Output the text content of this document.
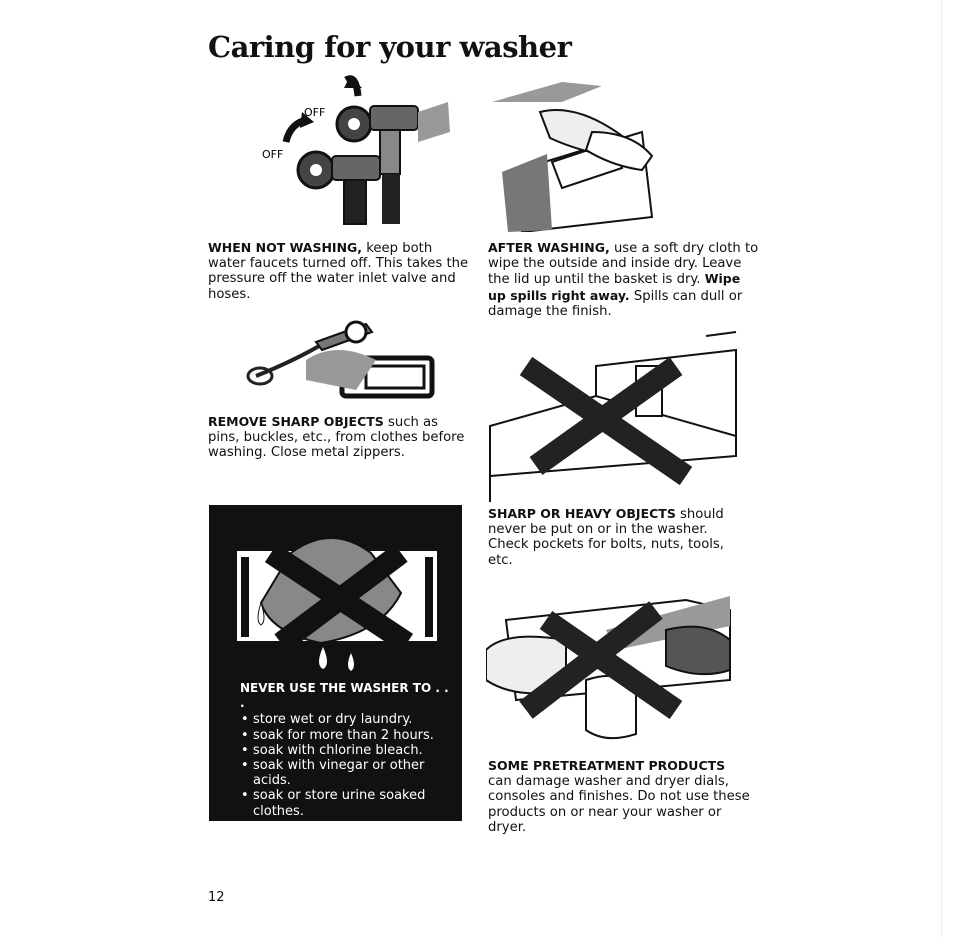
Caring for your washer
OFF
OFF
WHEN NOT WASHING, keep both water faucets turned off. This takes the pressure off the water inlet valve and hoses.
AFTER WASHING, use a soft dry cloth to wipe the outside and inside dry. Leave the lid up until the basket is dry. Wipe up spills right away. Spills can dull or damage the finish.
REMOVE SHARP OBJECTS such as pins, buckles, etc., from clothes before washing. Close metal zippers.
SHARP OR HEAVY OBJECTS should never be put on or in the washer. Check pockets for bolts, nuts, tools, etc.
NEVER USE THE WASHER TO . . .
• store wet or dry laundry.
• soak for more than 2 hours.
• soak with chlorine bleach.
• soak with vinegar or other acids.
• soak or store urine soaked clothes.
SOME PRETREATMENT PRODUCTS can damage washer and dryer dials, consoles and finishes. Do not use these products on or near your washer or dryer.
12
